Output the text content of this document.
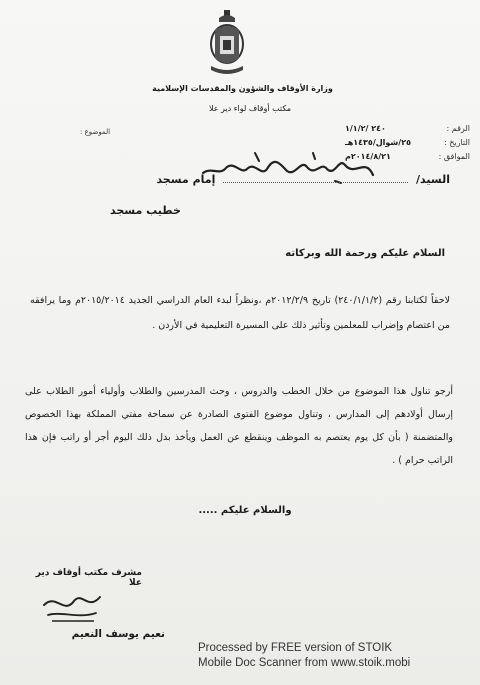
وزارة الأوقاف والشؤون والمقدسات الإسلامية
مكتب أوقاف لواء دير علا
الرقم :
٢٤٠ /١/١/٢
التاريخ :
٢٥/شوال/١٤٣٥هـ
الموافق :
٢٠١٤/٨/٢١م
الموضوع :
السيد/  إمام مسجد
خطيب مسجد
السلام عليكم ورحمة الله وبركاته
لاحقاً لكتابنا رقم (٢٤٠/١/١/٢) تاريخ ٢٠١٢/٢/٩م ،ونظراً لبدء العام الدراسي الجديد ٢٠١٥/٢٠١٤م وما يرافقه من اعتصام وإضراب للمعلمين وتأثير ذلك على المسيرة التعليمية في الأردن .
أرجو تناول هذا الموضوع من خلال الخطب والدروس ، وحث المدرسين والطلاب وأولياء أمور الطلاب على إرسال أولادهم إلى المدارس ، وتناول موضوع الفتوى الصادرة عن سماحة مفتي المملكة بهذا الخصوص والمتضمنة ( بأن كل يوم يعتصم به الموظف وينقطع عن العمل ويأخذ بدل ذلك اليوم أجر أو راتب فإن هذا الراتب حرام ) .
والسلام عليكم .....
مشرف مكتب أوقاف دير علا
نعيم يوسف النعيم
Processed by FREE version of STOIK
Mobile Doc Scanner from www.stoik.mobi
